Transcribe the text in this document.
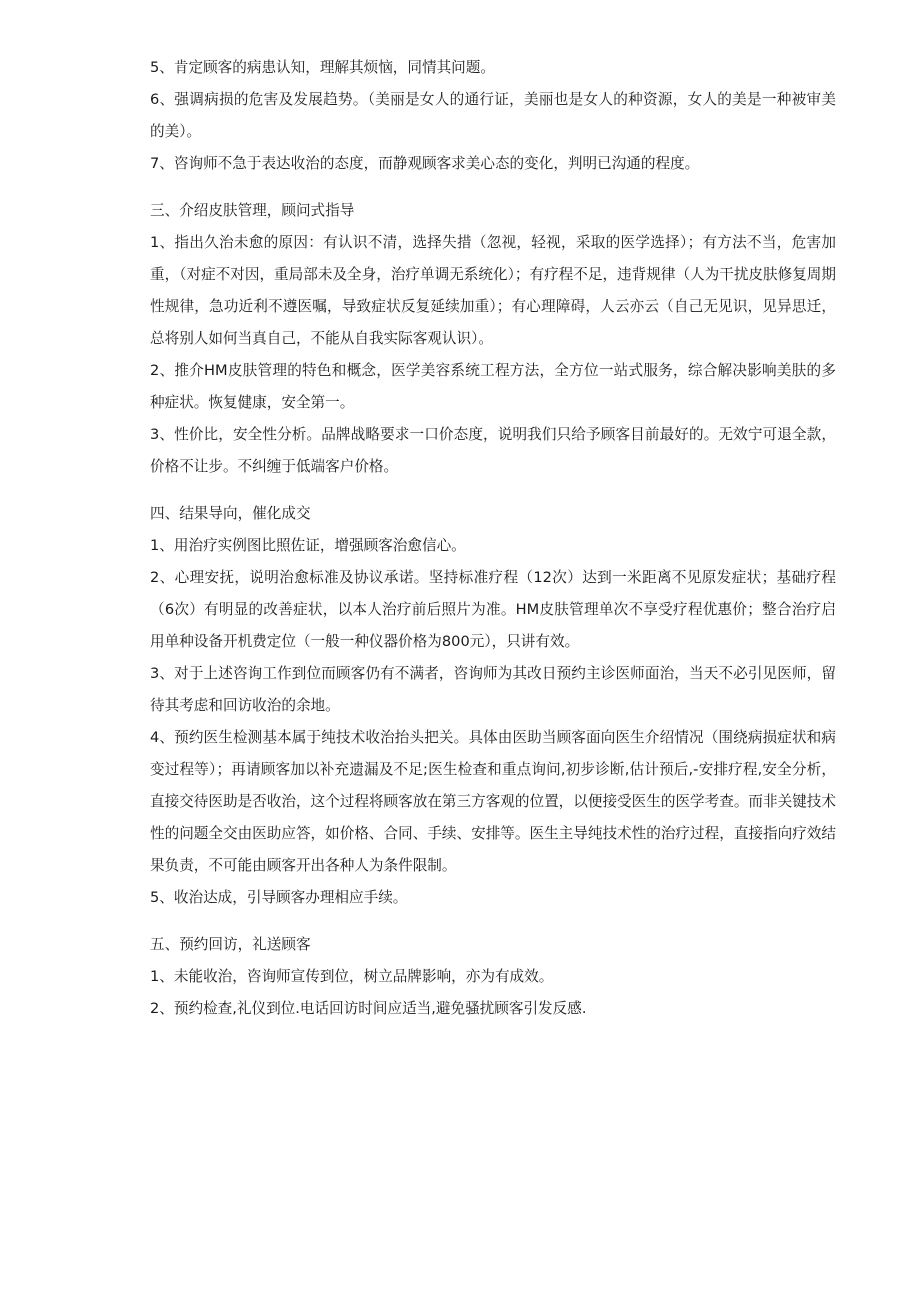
5、肯定顾客的病患认知，理解其烦恼，同情其问题。

6、强调病损的危害及发展趋势。（美丽是女人的通行证，美丽也是女人的种资源，女人的美是一种被审美的美）。

7、咨询师不急于表达收治的态度，而静观顾客求美心态的变化，判明已沟通的程度。

三、介绍皮肤管理，顾问式指导

1、指出久治未愈的原因：有认识不清，选择失措（忽视，轻视，采取的医学选择）；有方法不当，危害加重，（对症不对因，重局部未及全身，治疗单调无系统化）；有疗程不足，违背规律（人为干扰皮肤修复周期性规律，急功近利不遵医嘱，导致症状反复延续加重）；有心理障碍，人云亦云（自己无见识，见异思迁，总将别人如何当真自己，不能从自我实际客观认识）。

2、推介HM皮肤管理的特色和概念，医学美容系统工程方法，全方位一站式服务，综合解决影响美肤的多种症状。恢复健康，安全第一。

3、性价比，安全性分析。品牌战略要求一口价态度，说明我们只给予顾客目前最好的。无效宁可退全款，价格不让步。不纠缠于低端客户价格。

四、结果导向，催化成交

1、用治疗实例图比照佐证，增强顾客治愈信心。

2、心理安抚，说明治愈标准及协议承诺。坚持标准疗程（12次）达到一米距离不见原发症状；基础疗程（6次）有明显的改善症状，以本人治疗前后照片为准。HM皮肤管理单次不享受疗程优惠价；整合治疗启用单种设备开机费定位（一般一种仪器价格为800元），只讲有效。

3、对于上述咨询工作到位而顾客仍有不满者，咨询师为其改日预约主诊医师面治，当天不必引见医师，留待其考虑和回访收治的余地。

4、预约医生检测基本属于纯技术收治抬头把关。具体由医助当顾客面向医生介绍情况（围绕病损症状和病变过程等）；再请顾客加以补充遗漏及不足;医生检查和重点询问,初步诊断,估计预后,-安排疗程,安全分析，直接交待医助是否收治，这个过程将顾客放在第三方客观的位置，以便接受医生的医学考查。而非关键技术性的问题全交由医助应答，如价格、合同、手续、安排等。医生主导纯技术性的治疗过程，直接指向疗效结果负责，不可能由顾客开出各种人为条件限制。

5、收治达成，引导顾客办理相应手续。

五、预约回访，礼送顾客

1、未能收治，咨询师宣传到位，树立品牌影响，亦为有成效。

2、预约检查,礼仪到位.电话回访时间应适当,避免骚扰顾客引发反感.
